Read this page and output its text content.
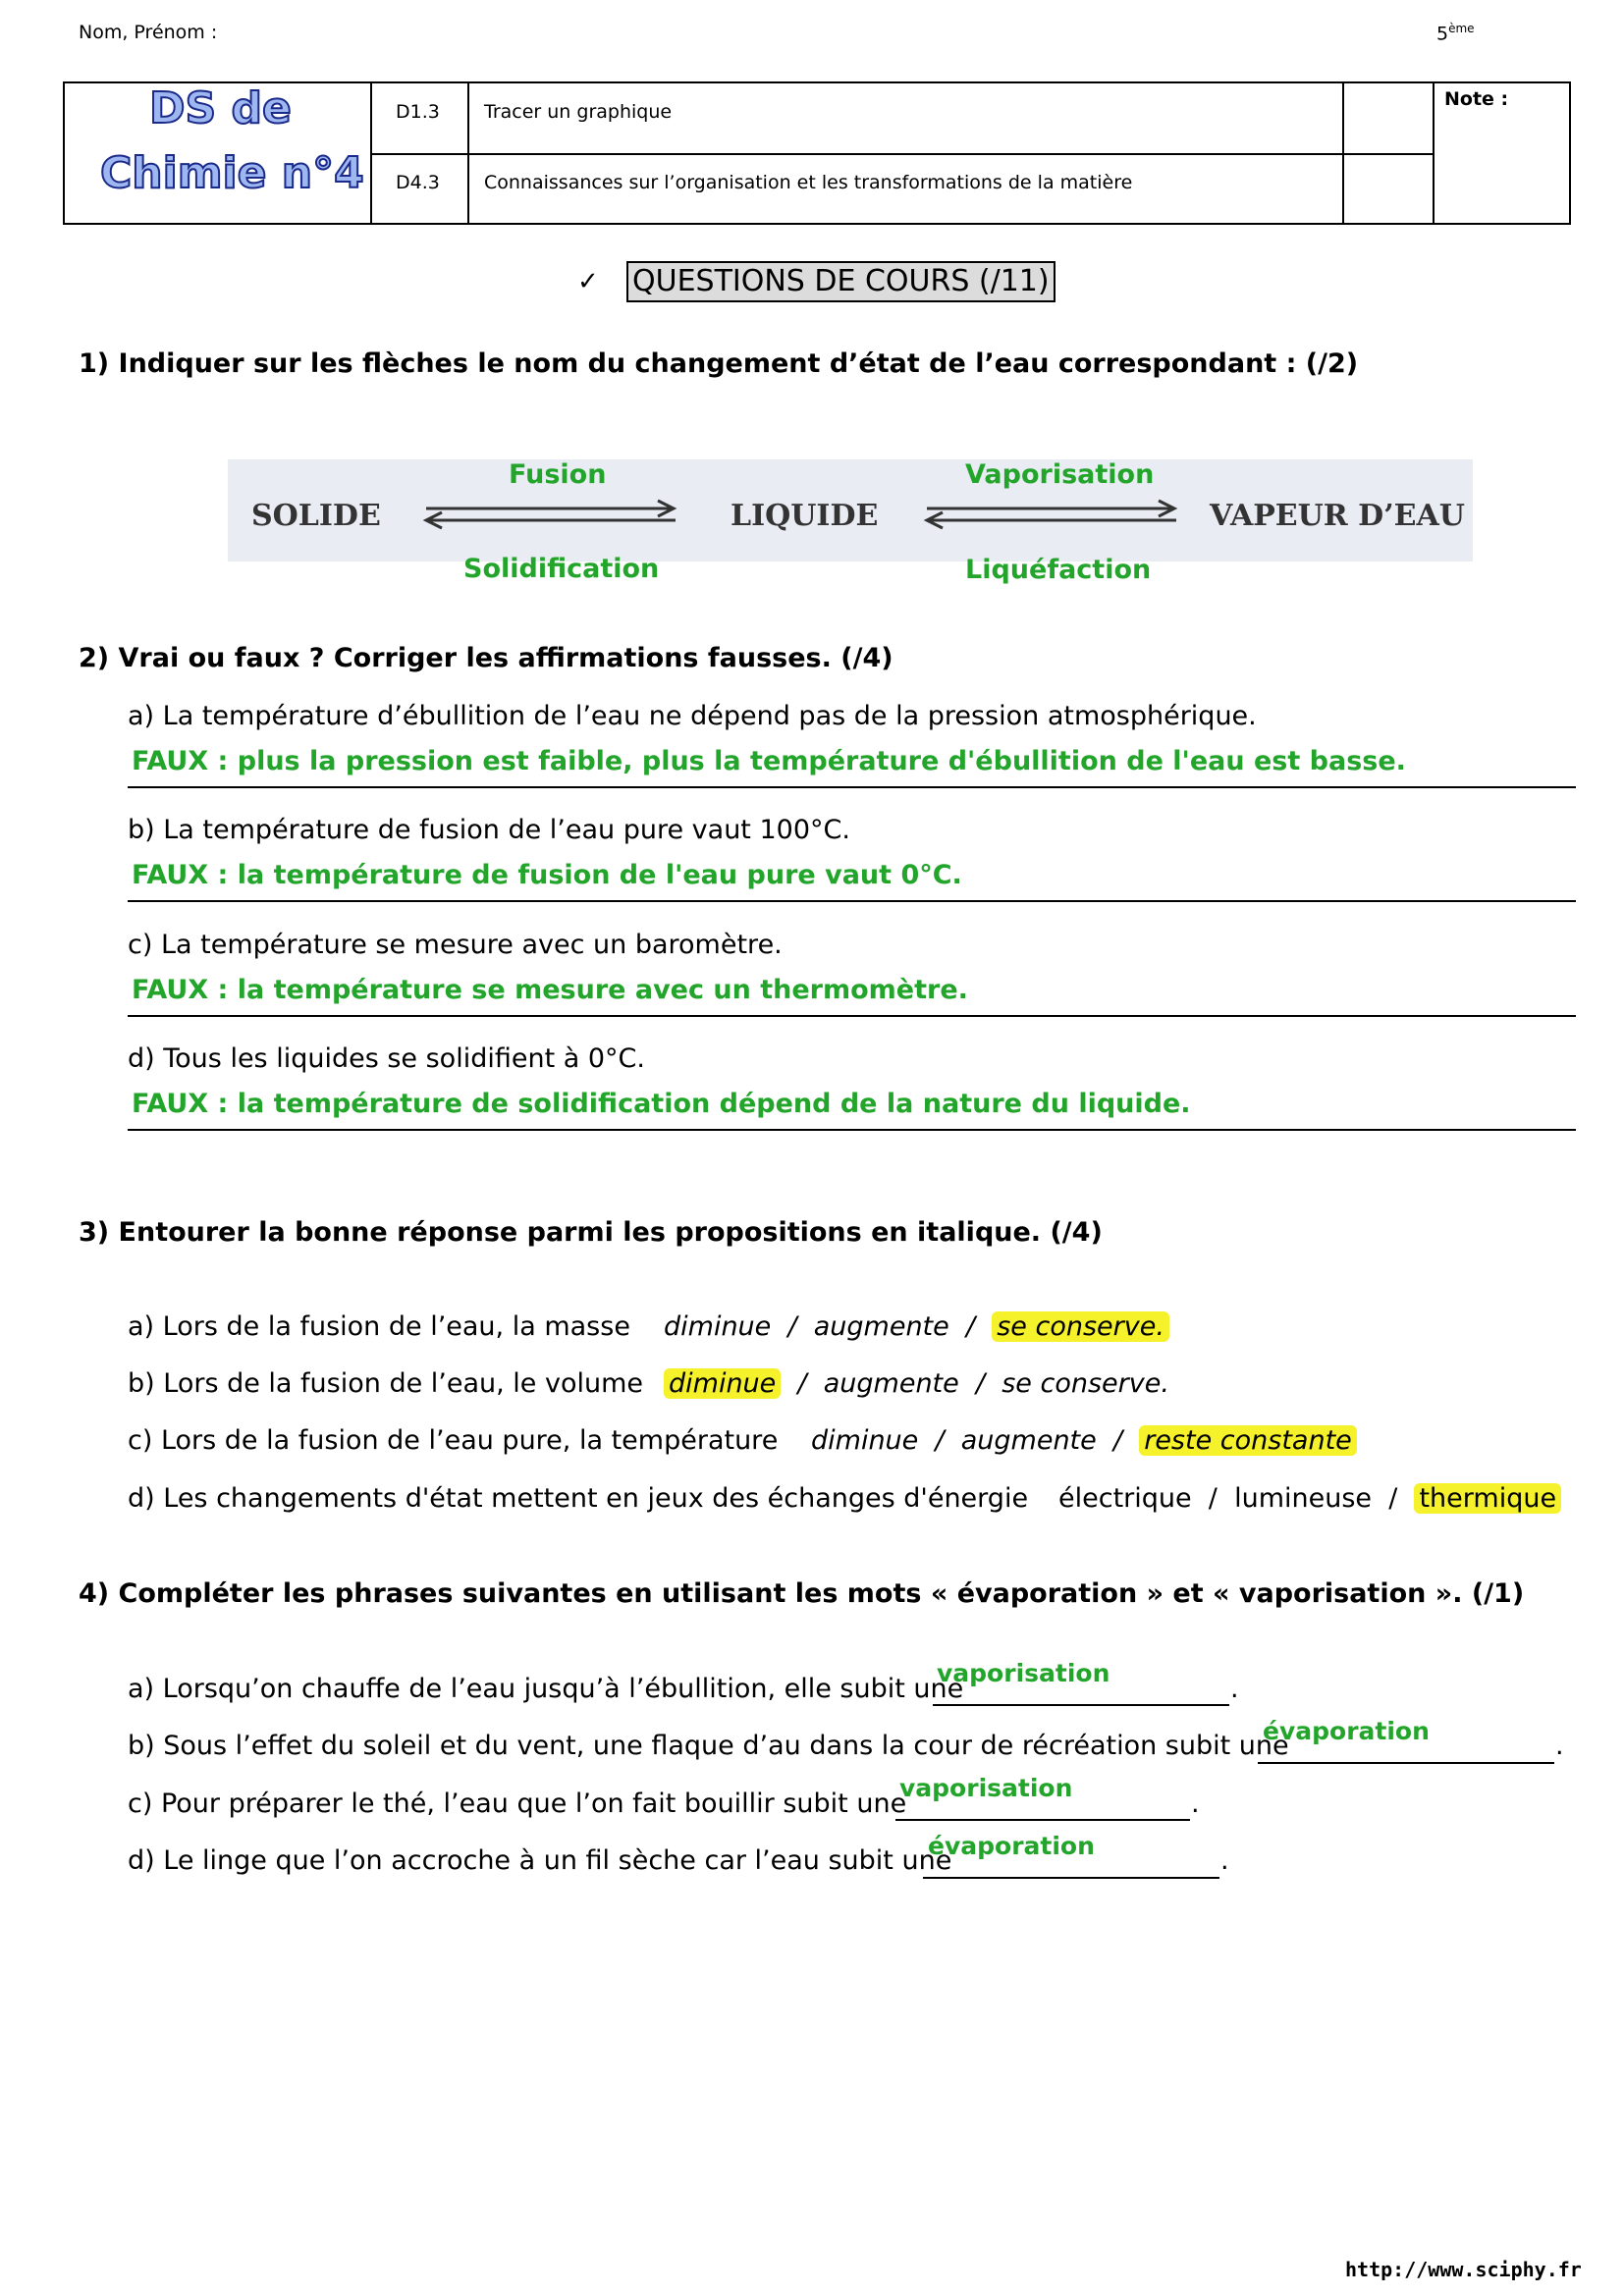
Nom, Prénom :	5ème
DS de
Chimie n°4
D1.3 Tracer un graphique
D4.3 Connaissances sur l’organisation et les transformations de la matière
Note :
✓ QUESTIONS DE COURS (/11)
1) Indiquer sur les flèches le nom du changement d’état de l’eau correspondant : (/2)
SOLIDE	LIQUIDE	VAPEUR D’EAU
Fusion
Solidification
Vaporisation
Liquéfaction
2) Vrai ou faux ? Corriger les affirmations fausses. (/4)
a) La température d’ébullition de l’eau ne dépend pas de la pression atmosphérique.
FAUX : plus la pression est faible, plus la température d'ébullition de l'eau est basse.
b) La température de fusion de l’eau pure vaut 100°C.
FAUX : la température de fusion de l'eau pure vaut 0°C.
c) La température se mesure avec un baromètre.
FAUX : la température se mesure avec un thermomètre.
d) Tous les liquides se solidifient à 0°C.
FAUX : la température de solidification dépend de la nature du liquide.
3) Entourer la bonne réponse parmi les propositions en italique. (/4)
a) Lors de la fusion de l’eau, la masse diminue / augmente / se conserve.
b) Lors de la fusion de l’eau, le volume diminue / augmente / se conserve.
c) Lors de la fusion de l’eau pure, la température diminue / augmente / reste constante
d) Les changements d'état mettent en jeux des échanges d'énergie électrique / lumineuse / thermique
4) Compléter les phrases suivantes en utilisant les mots « évaporation » et « vaporisation ». (/1)
a) Lorsqu’on chauffe de l’eau jusqu’à l’ébullition, elle subit une
vaporisation
.
b) Sous l’effet du soleil et du vent, une flaque d’au dans la cour de récréation subit une
évaporation	.
c) Pour préparer le thé, l’eau que l’on fait bouillir subit une
vaporisation
.
d) Le linge que l’on accroche à un fil sèche car l’eau subit une
évaporation	.
http://www.sciphy.fr
